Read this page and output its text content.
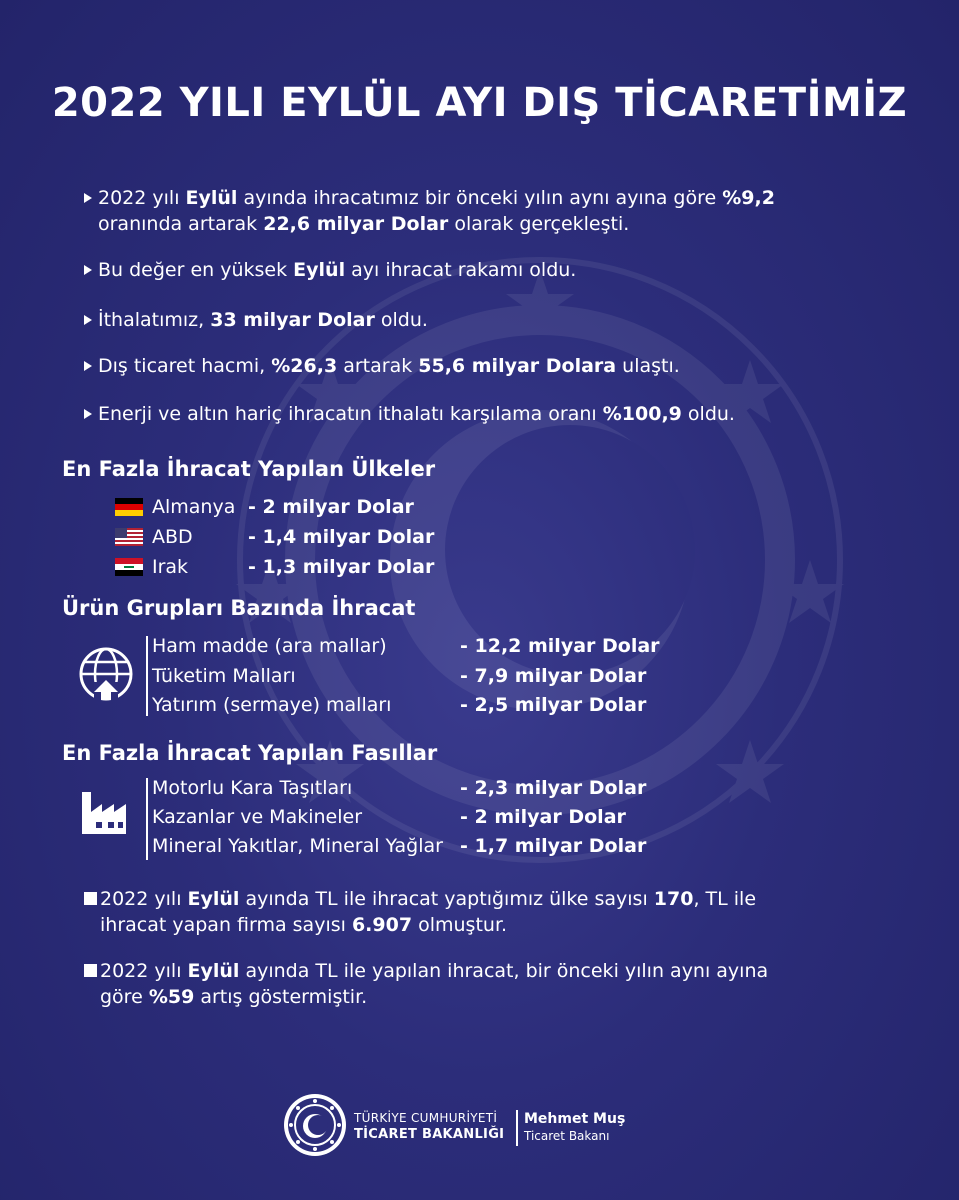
2022 YILI EYLÜL AYI DIŞ TİCARETİMİZ
2022 yılı Eylül ayında ihracatımız bir önceki yılın aynı ayına göre %9,2 oranında artarak 22,6 milyar Dolar olarak gerçekleşti.
Bu değer en yüksek Eylül ayı ihracat rakamı oldu.
İthalatımız, 33 milyar Dolar oldu.
Dış ticaret hacmi, %26,3 artarak 55,6 milyar Dolara ulaştı.
Enerji ve altın hariç ihracatın ithalatı karşılama oranı %100,9 oldu.
En Fazla İhracat Yapılan Ülkeler
Almanya - 2 milyar Dolar
ABD	- 1,4 milyar Dolar
Irak	- 1,3 milyar Dolar
Ürün Grupları Bazında İhracat
Ham madde (ara mallar)	- 12,2 milyar Dolar
Tüketim Malları	- 7,9 milyar Dolar
Yatırım (sermaye) malları	- 2,5 milyar Dolar
En Fazla İhracat Yapılan Fasıllar
Motorlu Kara Taşıtları	- 2,3 milyar Dolar
Kazanlar ve Makineler	- 2 milyar Dolar
Mineral Yakıtlar, Mineral Yağlar - 1,7 milyar Dolar
2022 yılı Eylül ayında TL ile ihracat yaptığımız ülke sayısı 170, TL ile ihracat yapan firma sayısı 6.907 olmuştur.
2022 yılı Eylül ayında TL ile yapılan ihracat, bir önceki yılın aynı ayına göre %59 artış göstermiştir.
TÜRKİYE CUMHURİYETİ
TİCARET BAKANLIĞI
Mehmet Muş
Ticaret Bakanı
